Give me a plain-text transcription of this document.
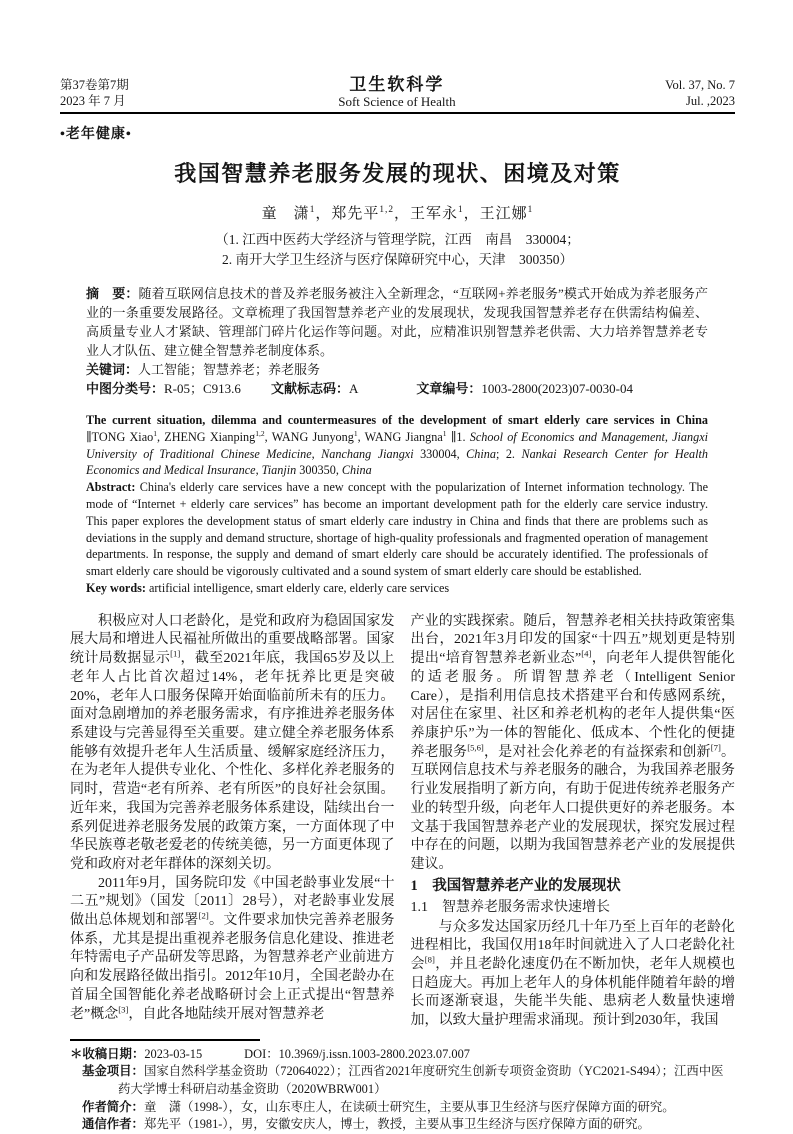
第37卷第7期
2023 年 7 月
卫生软科学
Soft Science of Health
Vol. 37, No. 7
Jul. ,2023
•老年健康•
我国智慧养老服务发展的现状、困境及对策
童　潇$^1$，郑先平$^{1,2}$，王军永$^1$，王江娜$^1$
（1. 江西中医药大学经济与管理学院，江西　南昌　330004；
2. 南开大学卫生经济与医疗保障研究中心，天津　300350）

摘　要：随着互联网信息技术的普及养老服务被注入全新理念，“互联网+养老服务”模式开始成为养老服务产业的一条重要发展路径。文章梳理了我国智慧养老产业的发展现状，发现我国智慧养老存在供需结构偏差、高质量专业人才紧缺、管理部门碎片化运作等问题。对此，应精准识别智慧养老供需、大力培养智慧养老专业人才队伍、建立健全智慧养老制度体系。

关键词：人工智能；智慧养老；养老服务

中图分类号：R-05；C913.6 文献标志码：A	文章编号：1003-2800(2023)07-0030-04

The current situation, dilemma and countermeasures of the development of smart elderly care services in China ∥TONG Xiao$^1$, ZHENG Xianping$^{1,2}$, WANG Junyong$^1$, WANG Jiangna$^1$ ∥1. School of Economics and Management, Jiangxi University of Traditional Chinese Medicine, Nanchang Jiangxi 330004, China; 2. Nankai Research Center for Health Economics and Medical Insurance, Tianjin 300350, China

Abstract: China's elderly care services have a new concept with the popularization of Internet information technology. The mode of “Internet + elderly care services” has become an important development path for the elderly care service industry. This paper explores the development status of smart elderly care industry in China and finds that there are problems such as deviations in the supply and demand structure, shortage of high-quality professionals and fragmented operation of management departments. In response, the supply and demand of smart elderly care should be accurately identified. The professionals of smart elderly care should be vigorously cultivated and a sound system of smart elderly care should be established.

Key words: artificial intelligence, smart elderly care, elderly care services

积极应对人口老龄化，是党和政府为稳固国家发展大局和增进人民福祉所做出的重要战略部署。国家统计局数据显示[1]，截至2021年底，我国65岁及以上老年人占比首次超过14%，老年抚养比更是突破20%，老年人口服务保障开始面临前所未有的压力。面对急剧增加的养老服务需求，有序推进养老服务体系建设与完善显得至关重要。建立健全养老服务体系能够有效提升老年人生活质量、缓解家庭经济压力，在为老年人提供专业化、个性化、多样化养老服务的同时，营造“老有所养、老有所医”的良好社会氛围。近年来，我国为完善养老服务体系建设，陆续出台一系列促进养老服务发展的政策方案，一方面体现了中华民族尊老敬老爱老的传统美德，另一方面更体现了党和政府对老年群体的深刻关切。

2011年9月，国务院印发《中国老龄事业发展“十二五”规划》（国发〔2011〕28号），对老龄事业发展做出总体规划和部署[2]。文件要求加快完善养老服务体系，尤其是提出重视养老服务信息化建设、推进老年特需电子产品研发等思路，为智慧养老产业前进方向和发展路径做出指引。2012年10月，全国老龄办在首届全国智能化养老战略研讨会上正式提出“智慧养老”概念[3]，自此各地陆续开展对智慧养老

产业的实践探索。随后，智慧养老相关扶持政策密集出台，2021年3月印发的国家“十四五”规划更是特别提出“培育智慧养老新业态”[4]，向老年人提供智能化的适老服务。所谓智慧养老（Intelligent Senior Care），是指利用信息技术搭建平台和传感网系统，对居住在家里、社区和养老机构的老年人提供集“医养康护乐”为一体的智能化、低成本、个性化的便捷养老服务[5,6]，是对社会化养老的有益探索和创新[7]。互联网信息技术与养老服务的融合，为我国养老服务行业发展指明了新方向，有助于促进传统养老服务产业的转型升级，向老年人口提供更好的养老服务。本文基于我国智慧养老产业的发展现状，探究发展过程中存在的问题，以期为我国智慧养老产业的发展提供建议。

1　我国智慧养老产业的发展现状
1.1　智慧养老服务需求快速增长

与众多发达国家历经几十年乃至上百年的老龄化进程相比，我国仅用18年时间就进入了人口老龄化社会[8]，并且老龄化速度仍在不断加快，老年人规模也日趋庞大。再加上老年人的身体机能伴随着年龄的增长而逐渐衰退，失能半失能、患病老人数量快速增加，以致大量护理需求涌现。预计到2030年，我国

＊收稿日期：2023-03-15	DOI：10.3969/j.issn.1003-2800.2023.07.007
基金项目：国家自然科学基金资助（72064022）；江西省2021年度研究生创新专项资金资助（YC2021-S494）；江西中医药大学博士科研启动基金资助（2020WBRW001）
作者简介：童　潇（1998-），女，山东枣庄人，在读硕士研究生，主要从事卫生经济与医疗保障方面的研究。
通信作者：郑先平（1981-），男，安徽安庆人，博士，教授，主要从事卫生经济与医疗保障方面的研究。
